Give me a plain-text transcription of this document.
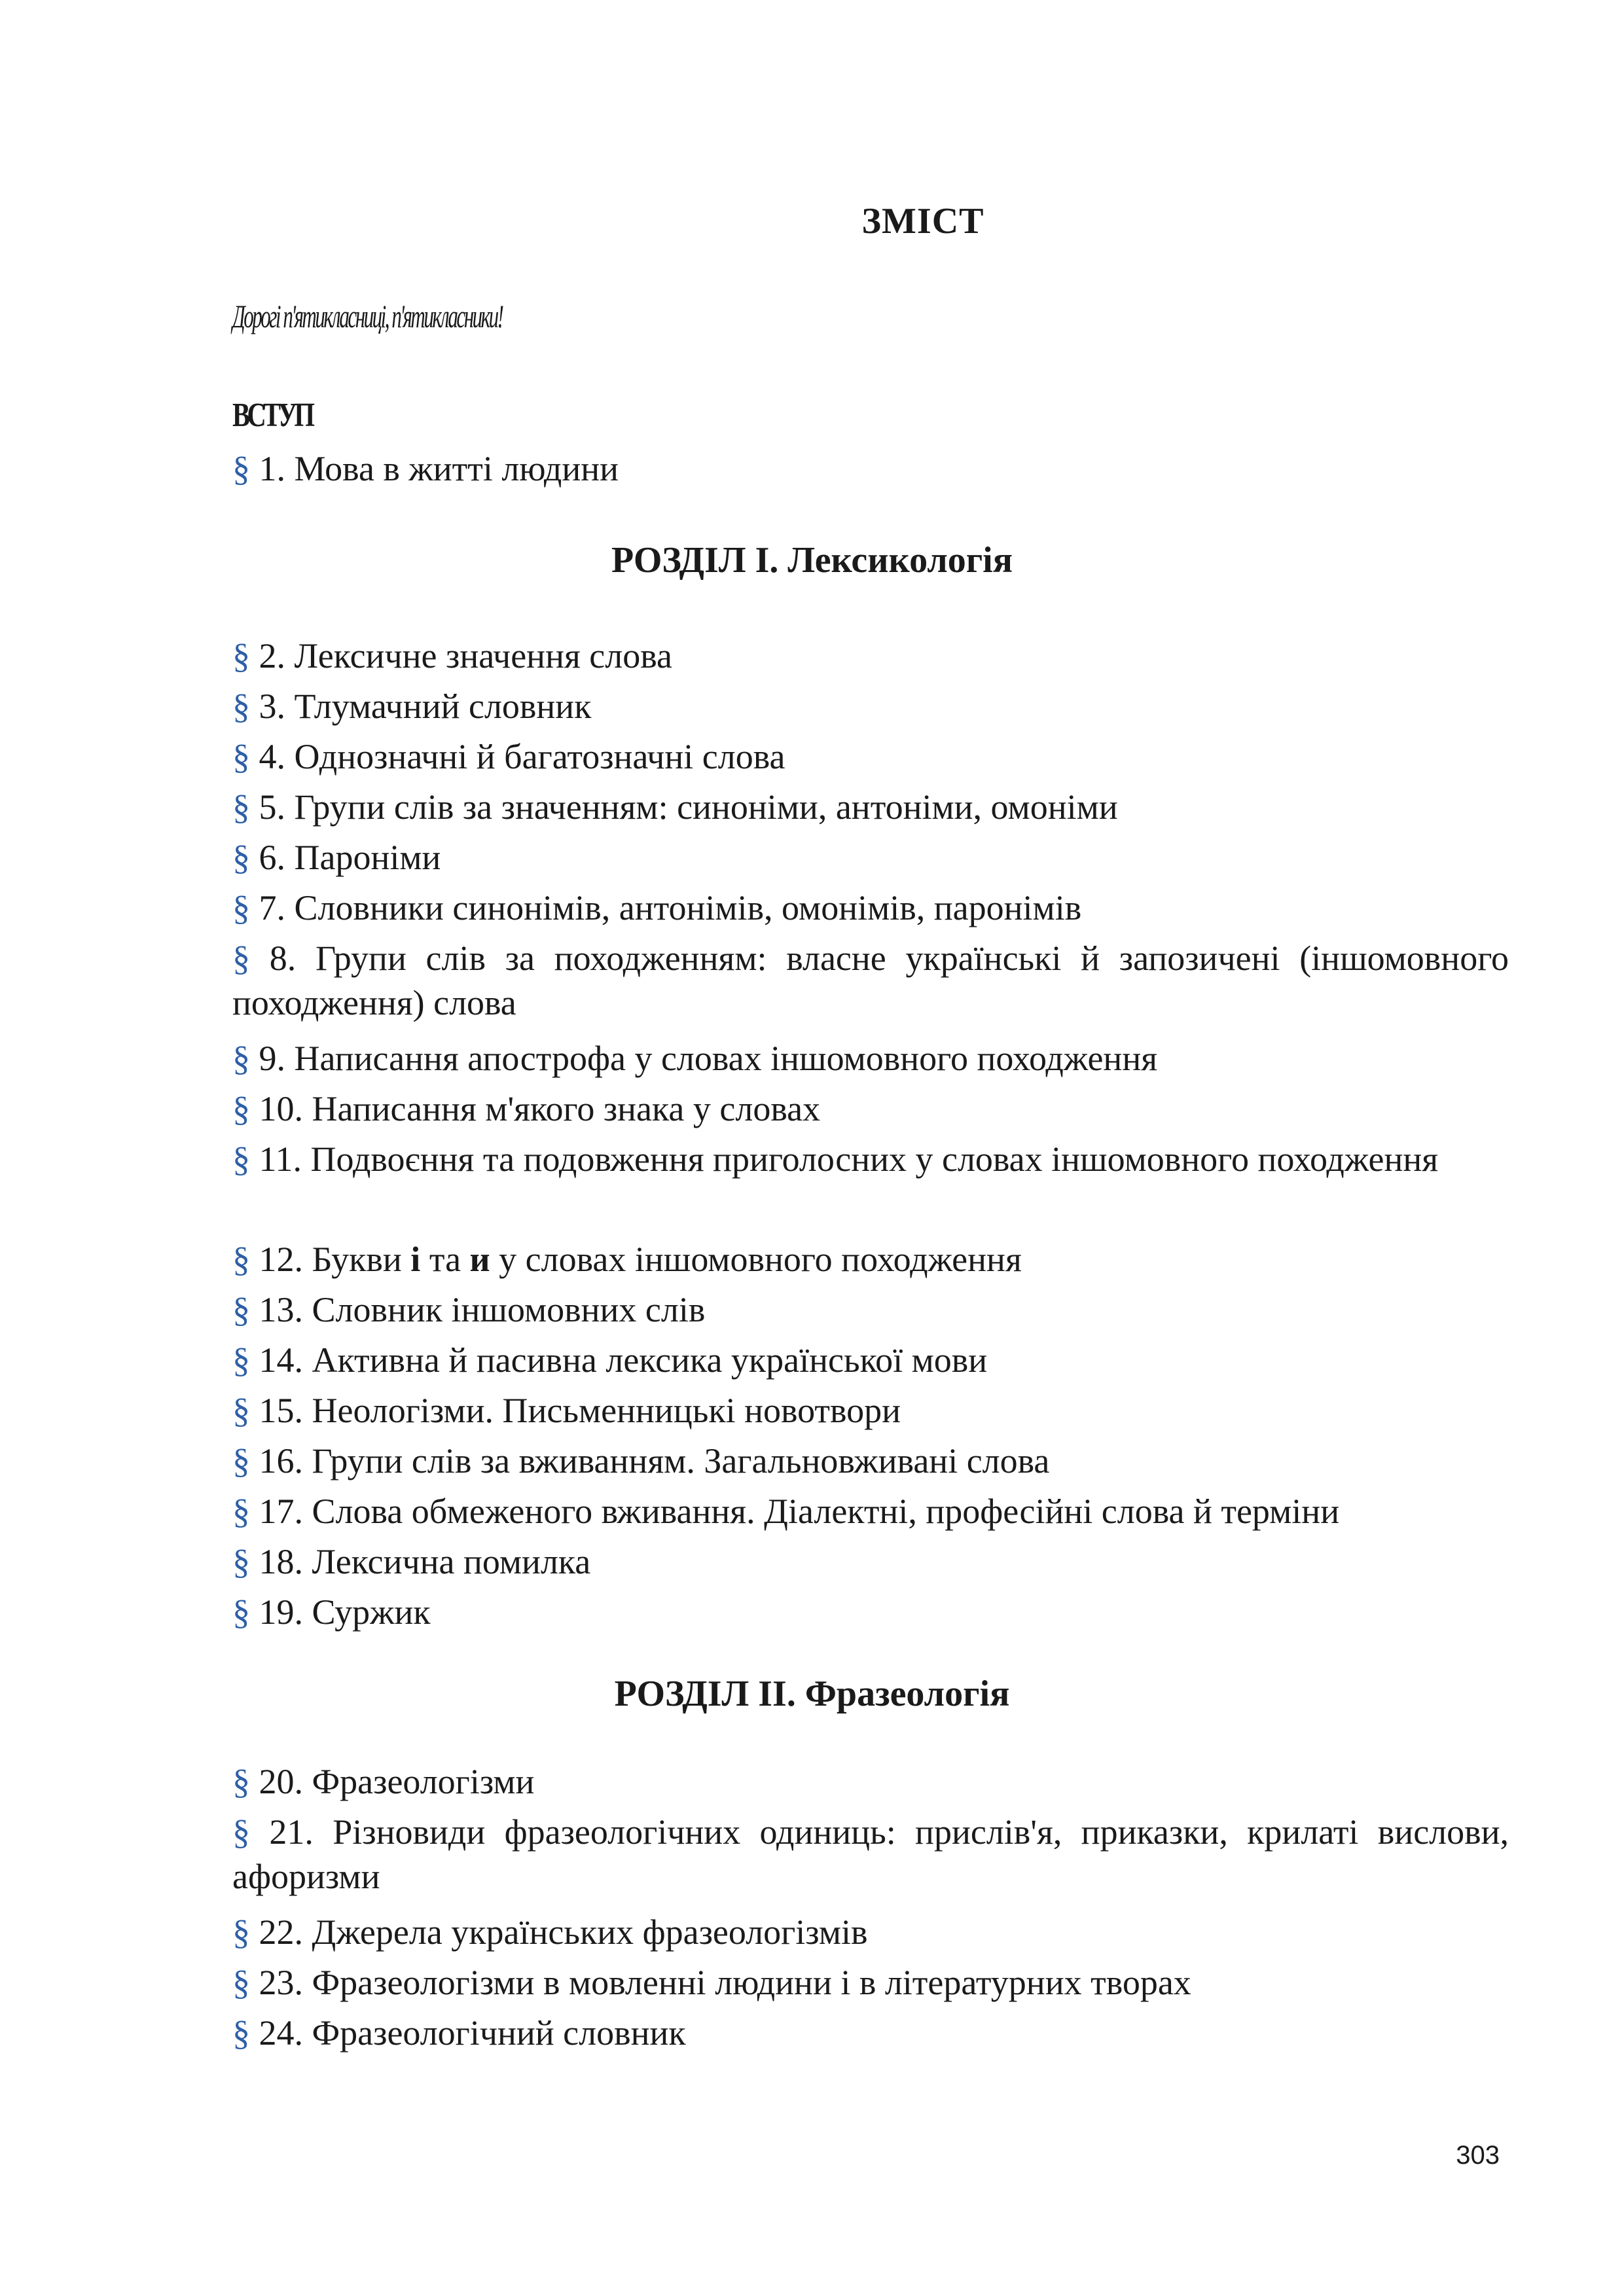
ЗМІСТ
Дорогі п'ятикласниці, п'ятикласники!
ВСТУП
§ 1. Мова в житті людини
РОЗДІЛ І. Лексикологія
§ 2. Лексичне значення слова
§ 3. Тлумачний словник
§ 4. Однозначні й багатозначні слова
§ 5. Групи слів за значенням: синоніми, антоніми, омоніми
§ 6. Пароніми
§ 7. Словники синонімів, антонімів, омонімів, паронімів
§ 8. Групи слів за походженням: власне українські й запозичені (іншомовного походження) слова
§ 9. Написання апострофа у словах іншомовного походження
§ 10. Написання м'якого знака у словах
§ 11. Подвоєння та подовження приголосних у словах іншомовного походження
§ 12. Букви і та и у словах іншомовного походження
§ 13. Словник іншомовних слів
§ 14. Активна й пасивна лексика української мови
§ 15. Неологізми. Письменницькі новотвори
§ 16. Групи слів за вживанням. Загальновживані слова
§ 17. Слова обмеженого вживання. Діалектні, професійні слова й терміни
§ 18. Лексична помилка
§ 19. Суржик
РОЗДІЛ ІІ. Фразеологія
§ 20. Фразеологізми
§ 21. Різновиди фразеологічних одиниць: прислів'я, приказки, крилаті вислови, афоризми
§ 22. Джерела українських фразеологізмів
§ 23. Фразеологізми в мовленні людини і в літературних творах
§ 24. Фразеологічний словник
303
